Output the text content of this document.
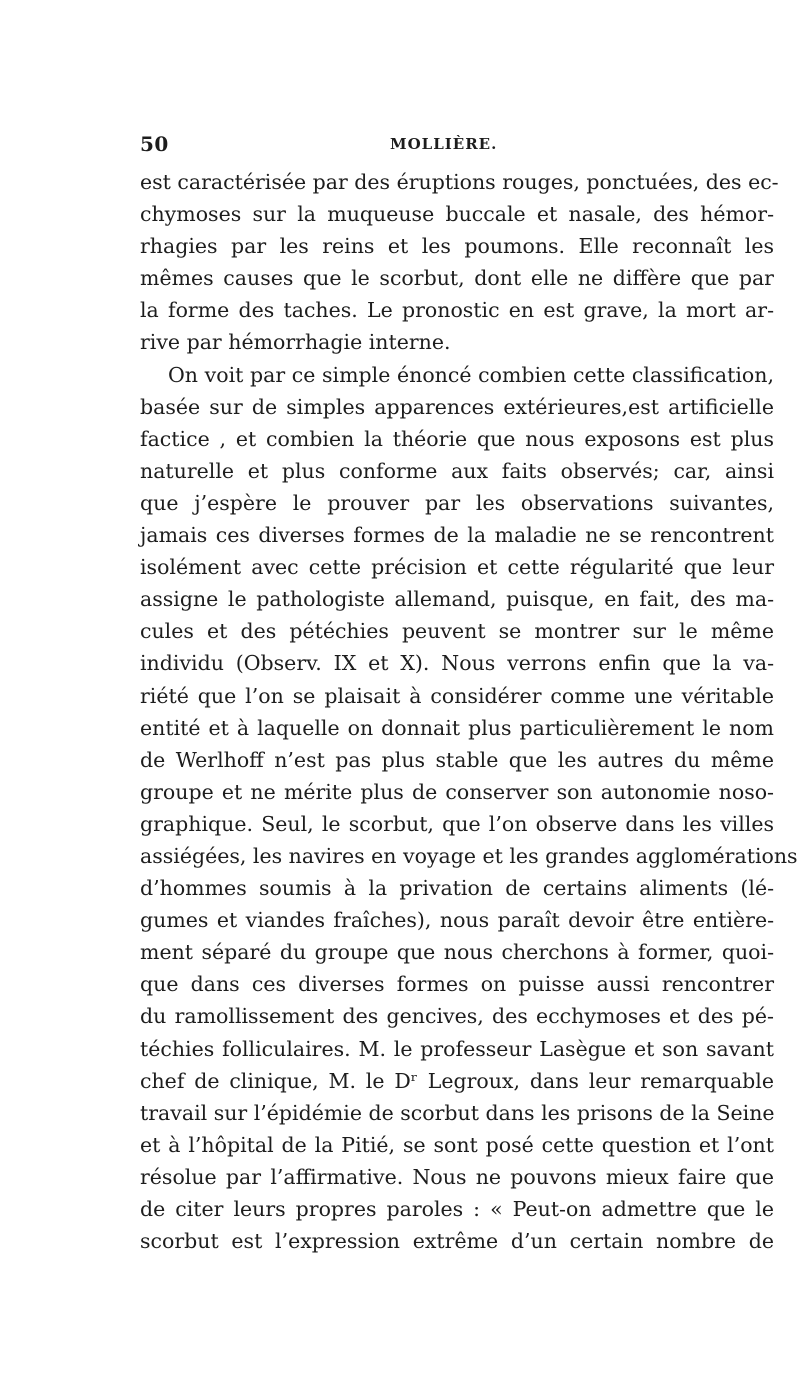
50	MOLLIÈRE.
est caractérisée par des éruptions rouges, ponctuées, des ec-
chymoses sur la muqueuse buccale et nasale, des hémor-
rhagies par les reins et les poumons. Elle reconnaît les
mêmes causes que le scorbut, dont elle ne diffère que par
la forme des taches. Le pronostic en est grave, la mort ar-
rive par hémorrhagie interne.
On voit par ce simple énoncé combien cette classification,
basée sur de simples apparences extérieures,est artificielle
factice , et combien la théorie que nous exposons est plus
naturelle et plus conforme aux faits observés; car, ainsi
que j’espère le prouver par les observations suivantes,
jamais ces diverses formes de la maladie ne se rencontrent
isolément avec cette précision et cette régularité que leur
assigne le pathologiste allemand, puisque, en fait, des ma-
cules et des pétéchies peuvent se montrer sur le même
individu (Observ. IX et X). Nous verrons enfin que la va-
riété que l’on se plaisait à considérer comme une véritable
entité et à laquelle on donnait plus particulièrement le nom
de Werlhoff n’est pas plus stable que les autres du même
groupe et ne mérite plus de conserver son autonomie noso-
graphique. Seul, le scorbut, que l’on observe dans les villes
assiégées, les navires en voyage et les grandes agglomérations
d’hommes soumis à la privation de certains aliments (lé-
gumes et viandes fraîches), nous paraît devoir être entière-
ment séparé du groupe que nous cherchons à former, quoi-
que dans ces diverses formes on puisse aussi rencontrer
du ramollissement des gencives, des ecchymoses et des pé-
téchies folliculaires. M. le professeur Lasègue et son savant
chef de clinique, M. le Dʳ Legroux, dans leur remarquable
travail sur l’épidémie de scorbut dans les prisons de la Seine
et à l’hôpital de la Pitié, se sont posé cette question et l’ont
résolue par l’affirmative. Nous ne pouvons mieux faire que
de citer leurs propres paroles : « Peut-on admettre que le
scorbut est l’expression extrême d’un certain nombre de
